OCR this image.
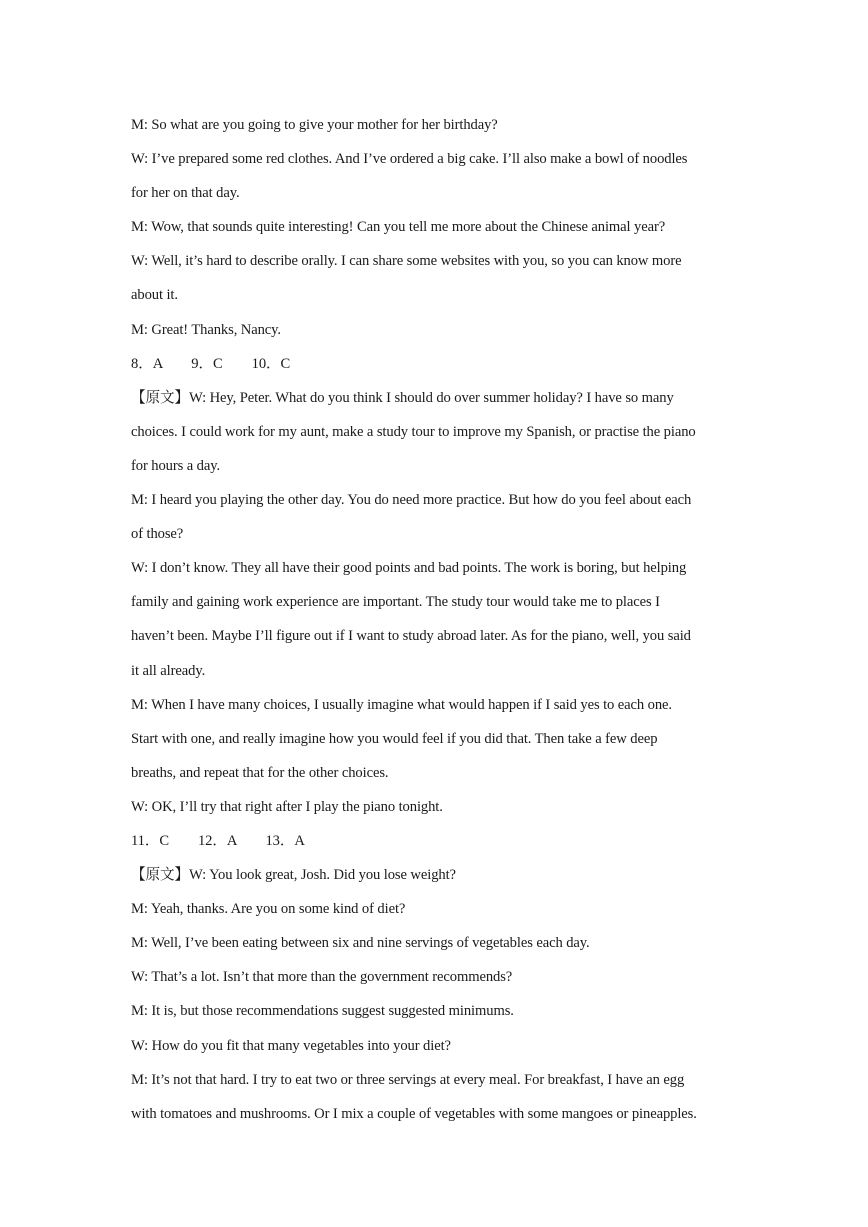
M: So what are you going to give your mother for her birthday?
W: I’ve prepared some red clothes. And I’ve ordered a big cake. I’ll also make a bowl of noodles
for her on that day.
M: Wow, that sounds quite interesting! Can you tell me more about the Chinese animal year?
W: Well, it’s hard to describe orally. I can share some websites with you, so you can know more
about it.
M: Great! Thanks, Nancy.
8．A　　9．C　　10．C
【原文】W: Hey, Peter. What do you think I should do over summer holiday? I have so many
choices. I could work for my aunt, make a study tour to improve my Spanish, or practise the piano
for hours a day.
M: I heard you playing the other day. You do need more practice. But how do you feel about each
of those?
W: I don’t know. They all have their good points and bad points. The work is boring, but helping
family and gaining work experience are important. The study tour would take me to places I
haven’t been. Maybe I’ll figure out if I want to study abroad later. As for the piano, well, you said
it all already.
M: When I have many choices, I usually imagine what would happen if I said yes to each one.
Start with one, and really imagine how you would feel if you did that. Then take a few deep
breaths, and repeat that for the other choices.
W: OK, I’ll try that right after I play the piano tonight.
11．C　　12．A　　13．A
【原文】W: You look great, Josh. Did you lose weight?
M: Yeah, thanks. Are you on some kind of diet?
M: Well, I’ve been eating between six and nine servings of vegetables each day.
W: That’s a lot. Isn’t that more than the government recommends?
M: It is, but those recommendations suggest suggested minimums.
W: How do you fit that many vegetables into your diet?
M: It’s not that hard. I try to eat two or three servings at every meal. For breakfast, I have an egg
with tomatoes and mushrooms. Or I mix a couple of vegetables with some mangoes or pineapples.
